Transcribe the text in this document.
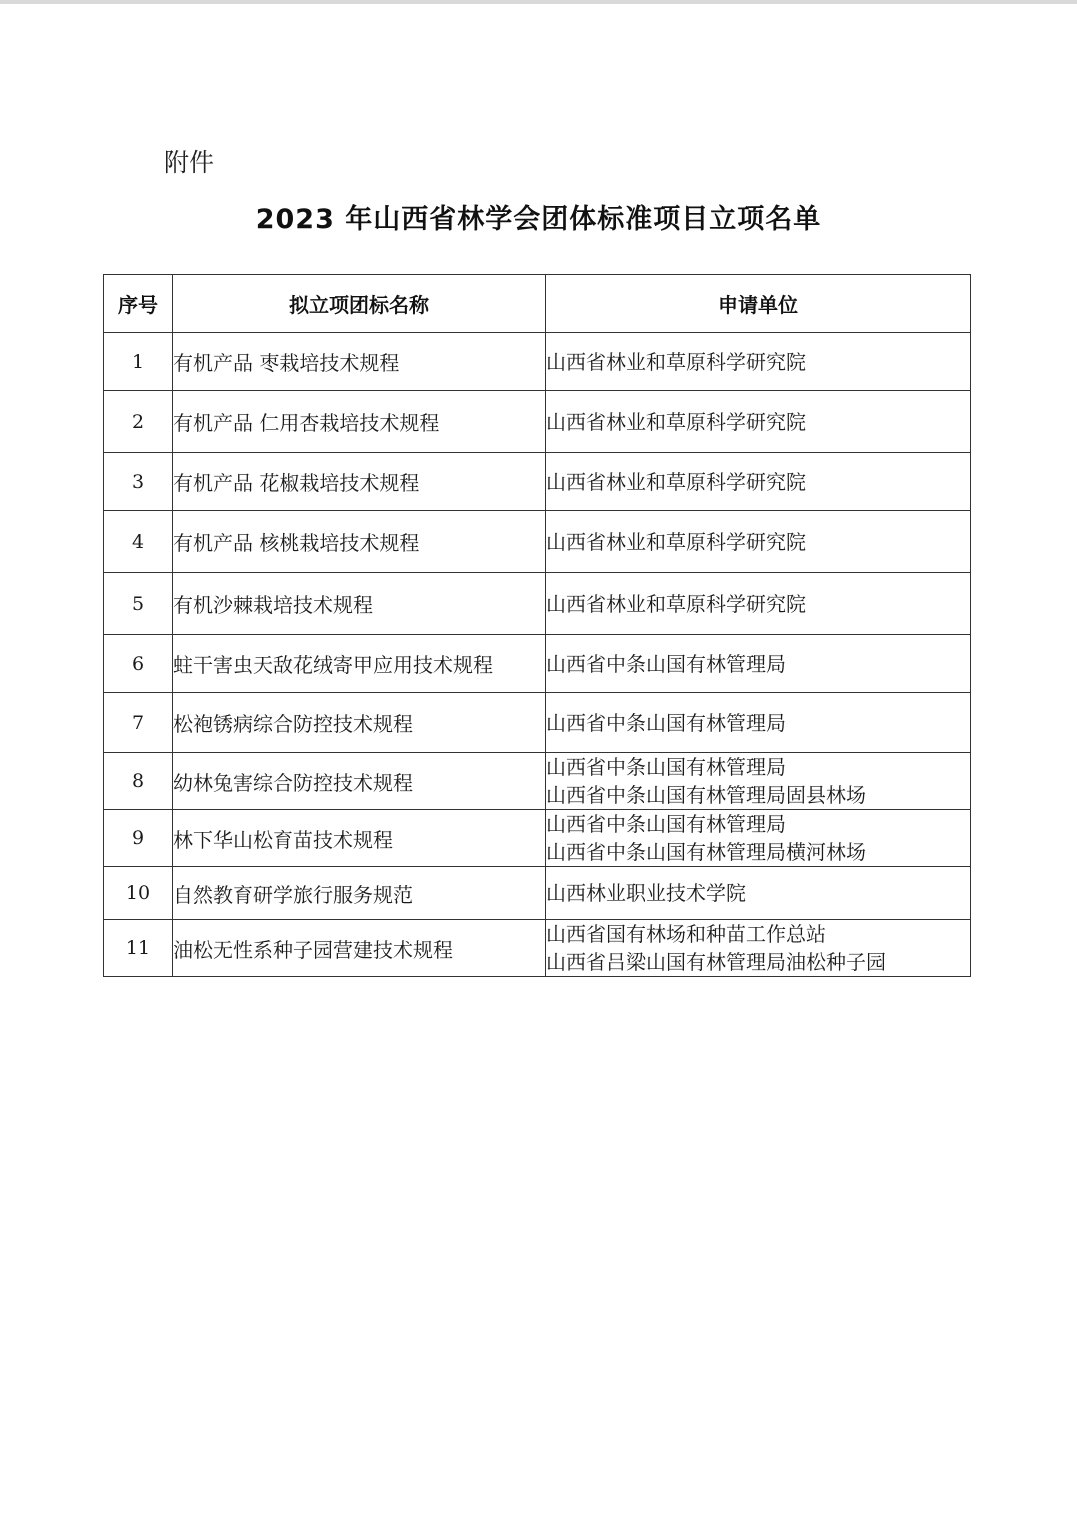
附件
2023 年山西省林学会团体标准项目立项名单
序号	拟立项团标名称	申请单位
1	有机产品 枣栽培技术规程	山西省林业和草原科学研究院

2	有机产品 仁用杏栽培技术规程	山西省林业和草原科学研究院

3	有机产品 花椒栽培技术规程	山西省林业和草原科学研究院

4	有机产品 核桃栽培技术规程	山西省林业和草原科学研究院

5	有机沙棘栽培技术规程	山西省林业和草原科学研究院

6	蛀干害虫天敌花绒寄甲应用技术规程	山西省中条山国有林管理局

7	松袍锈病综合防控技术规程	山西省中条山国有林管理局

8	幼林兔害综合防控技术规程	山西省中条山国有林管理局
山西省中条山国有林管理局固县林场

9	林下华山松育苗技术规程	山西省中条山国有林管理局
山西省中条山国有林管理局横河林场

10	自然教育研学旅行服务规范	山西林业职业技术学院

11	油松无性系种子园营建技术规程	山西省国有林场和种苗工作总站
山西省吕梁山国有林管理局油松种子园
